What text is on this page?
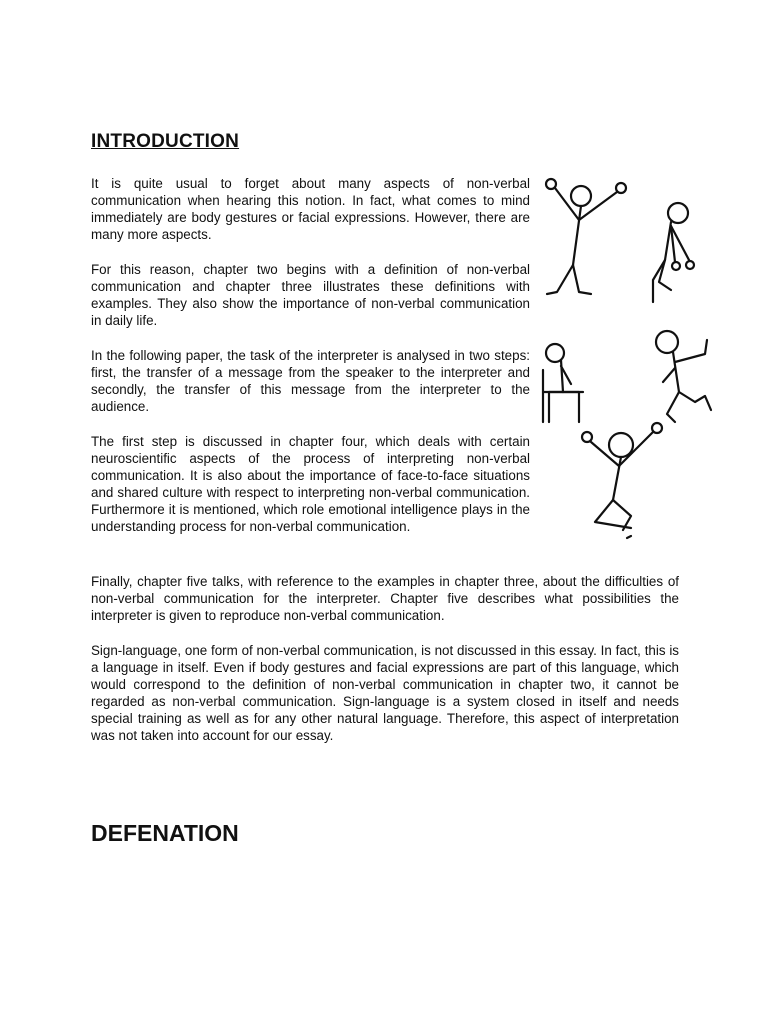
INTRODUCTION

It is quite usual to forget about many aspects of non-verbal communication when hearing this notion. In fact, what comes to mind immediately are body gestures or facial expressions. However, there are many more aspects.

For this reason, chapter two begins with a definition of non-verbal communication and chapter three illustrates these definitions with examples. They also show the importance of non-verbal communication in daily life.

In the following paper, the task of the interpreter is analysed in two steps: first, the transfer of a message from the speaker to the interpreter and secondly, the transfer of this message from the interpreter to the audience.

The first step is discussed in chapter four, which deals with certain neuroscientific aspects of the process of interpreting non-verbal communication. It is also about the importance of face-to-face situations and shared culture with respect to interpreting non-verbal communication. Furthermore it is mentioned, which role emotional intelligence plays in the understanding process for non-verbal communication.

Finally, chapter five talks, with reference to the examples in chapter three, about the difficulties of non-verbal communication for the interpreter. Chapter five describes what possibilities the interpreter is given to reproduce non-verbal communication.

Sign-language, one form of non-verbal communication, is not discussed in this essay. In fact, this is a language in itself. Even if body gestures and facial expressions are part of this language, which would correspond to the definition of non-verbal communication in chapter two, it cannot be regarded as non-verbal communication. Sign-language is a system closed in itself and needs special training as well as for any other natural language. Therefore, this aspect of interpretation was not taken into account for our essay.

DEFENATION
